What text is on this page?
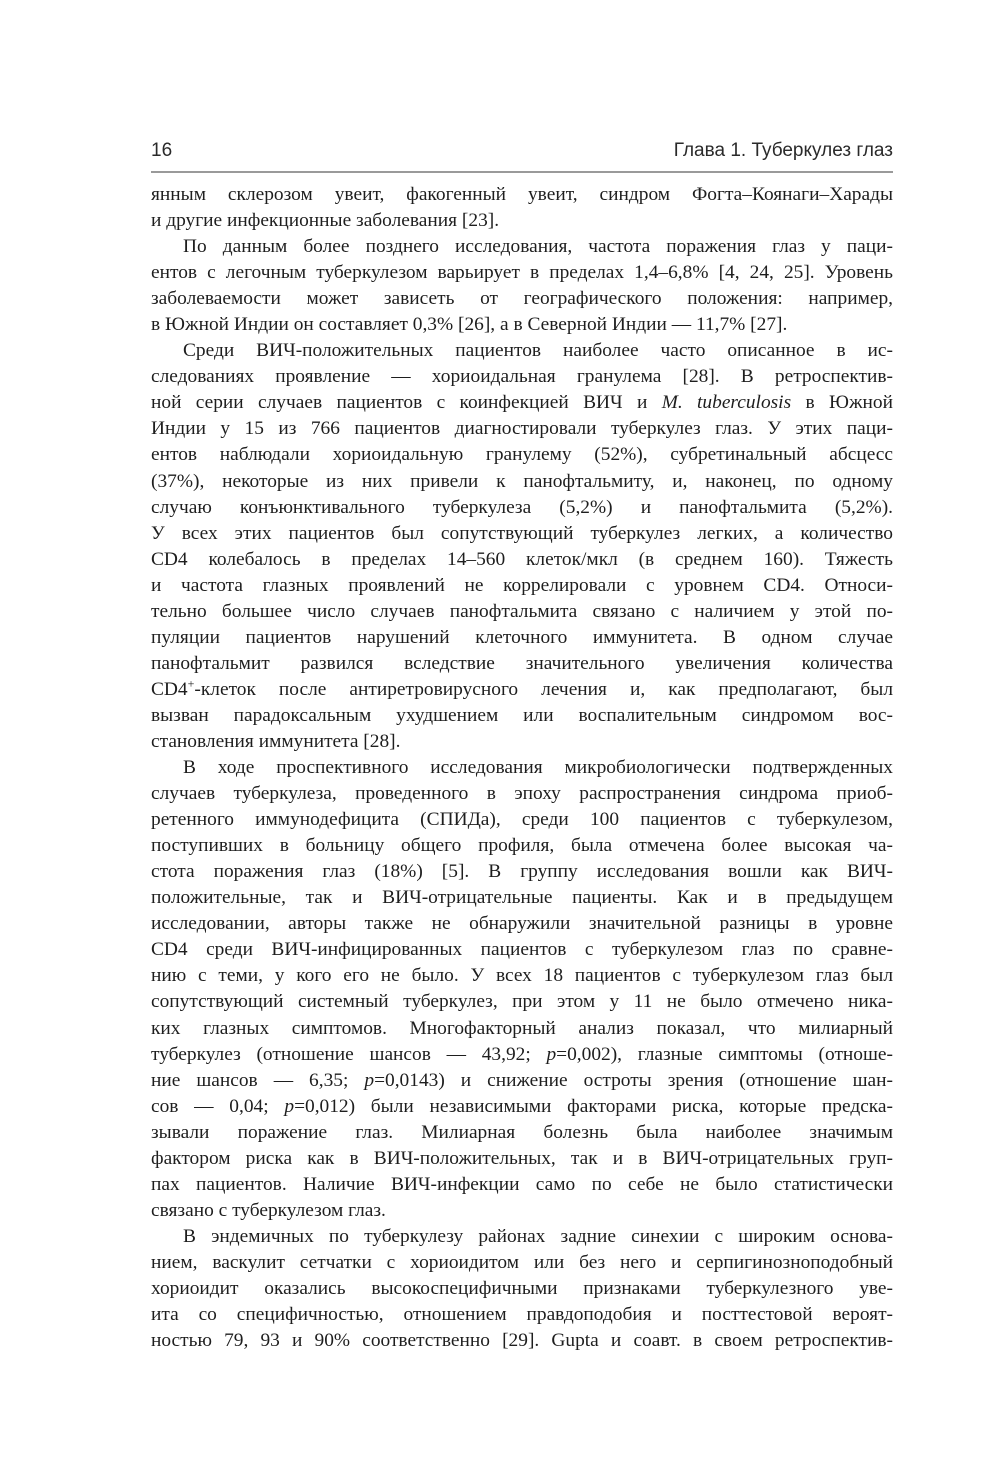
16	Глава 1. Туберкулез глаз
янным склерозом увеит, факогенный увеит, синдром Фогта–Коянаги–Харады
и другие инфекционные заболевания [23].
По данным более позднего исследования, частота поражения глаз у паци-
ентов с легочным туберкулезом варьирует в пределах 1,4–6,8% [4, 24, 25]. Уровень
заболеваемости может зависеть от географического положения: например,
в Южной Индии он составляет 0,3% [26], а в Северной Индии — 11,7% [27].
Среди ВИЧ-положительных пациентов наиболее часто описанное в ис-
следованиях проявление — хориоидальная гранулема [28]. В ретроспектив-
ной серии случаев пациентов с коинфекцией ВИЧ и M. tuberculosis в Южной
Индии у 15 из 766 пациентов диагностировали туберкулез глаз. У этих паци-
ентов наблюдали хориоидальную гранулему (52%), субретинальный абсцесс
(37%), некоторые из них привели к панофтальмиту, и, наконец, по одному
случаю конъюнктивального туберкулеза (5,2%) и панофтальмита (5,2%).
У всех этих пациентов был сопутствующий туберкулез легких, а количество
CD4 колебалось в пределах 14–560 клеток/мкл (в среднем 160). Тяжесть
и частота глазных проявлений не коррелировали с уровнем CD4. Относи-
тельно большее число случаев панофтальмита связано с наличием у этой по-
пуляции пациентов нарушений клеточного иммунитета. В одном случае
панофтальмит развился вследствие значительного увеличения количества
CD4+-клеток после антиретровирусного лечения и, как предполагают, был
вызван парадоксальным ухудшением или воспалительным синдромом вос-
становления иммунитета [28].
В ходе проспективного исследования микробиологически подтвержденных
случаев туберкулеза, проведенного в эпоху распространения синдрома приоб-
ретенного иммунодефицита (СПИДа), среди 100 пациентов с туберкулезом,
поступивших в больницу общего профиля, была отмечена более высокая ча-
стота поражения глаз (18%) [5]. В группу исследования вошли как ВИЧ-
положительные, так и ВИЧ-отрицательные пациенты. Как и в предыдущем
исследовании, авторы также не обнаружили значительной разницы в уровне
CD4 среди ВИЧ-инфицированных пациентов с туберкулезом глаз по сравне-
нию с теми, у кого его не было. У всех 18 пациентов с туберкулезом глаз был
сопутствующий системный туберкулез, при этом у 11 не было отмечено ника-
ких глазных симптомов. Многофакторный анализ показал, что милиарный
туберкулез (отношение шансов — 43,92; p=0,002), глазные симптомы (отноше-
ние шансов — 6,35; p=0,0143) и снижение остроты зрения (отношение шан-
сов — 0,04; p=0,012) были независимыми факторами риска, которые предска-
зывали поражение глаз. Милиарная болезнь была наиболее значимым
фактором риска как в ВИЧ-положительных, так и в ВИЧ-отрицательных груп-
пах пациентов. Наличие ВИЧ-инфекции само по себе не было статистически
связано с туберкулезом глаз.
В эндемичных по туберкулезу районах задние синехии с широким основа-
нием, васкулит сетчатки с хориоидитом или без него и серпигинозноподобный
хориоидит оказались высокоспецифичными признаками туберкулезного уве-
ита со специфичностью, отношением правдоподобия и посттестовой вероят-
ностью 79, 93 и 90% соответственно [29]. Gupta и соавт. в своем ретроспектив-
